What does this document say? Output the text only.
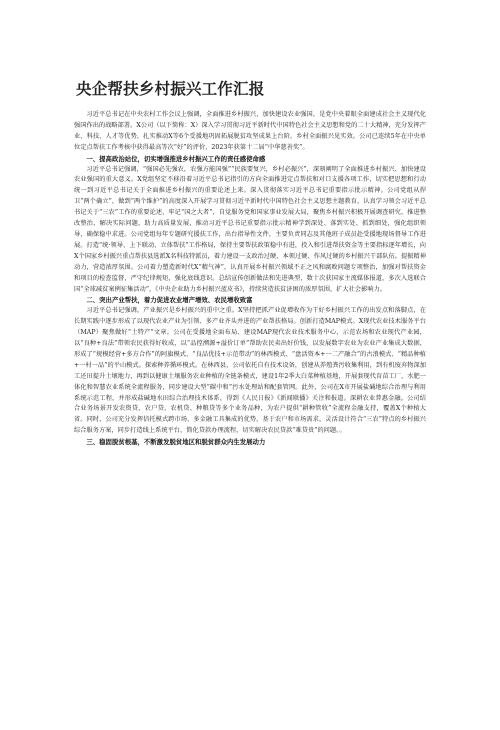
央企帮扶乡村振兴工作汇报

习近平总书记在中央农村工作会议上强调，全面推进乡村振兴，加快建设农业强国，是党中央着眼全面建成社会主义现代化强国作出的战略部署。X公司（以下简称：X）深入学习贯彻习近平新时代中国特色社会主义思想和党的二十大精神，充分发挥产业、科技、人才等优势，扎实推动X等6个受援地巩固拓展脱贫攻坚成果上台阶，乡村全面振兴见实效。公司已连续5年在中央单位定点帮扶工作考核中获得最高等次“好”的评价，2023年获第十二届“中华慈善奖”。

一、提高政治站位，切实增强推进乡村振兴工作的责任感使命感

习近平总书记强调，“强国必先强农，农强方能国强”“民族要复兴，乡村必振兴”，深刻阐明了全面推进乡村振兴、加快建设农业强国的重大意义。X党组坚定不移沿着习近平总书记指引的方向全面推进定点帮扶和对口支援各项工作，切实把思想和行动统一到习近平总书记关于全面推进乡村振兴的重要论述上来。深入贯彻落实习近平总书记重要指示批示精神。公司党组从捍卫“两个确立”，做到“两个维护”的高度深入开展学习贯彻习近平新时代中国特色社会主义思想主题教育，认真学习领会习近平总书记关于“三农”工作的重要论述，牢记“国之大者”，自觉服务党和国家事业发展大局，聚焦乡村振兴积极开展调查研究、推进整改整治、解决实际问题、助力高质量发展，推动习近平总书记重要指示批示精神学到深处、落到实处、抓到细处，强化组织领导，确保稳中求进。公司党组每年专题研究援扶工作，出台指导性文件，主要负责同志及其他班子成员赴受援地现场督导工作进展。打造“统·领导、上下联动、立体帮扶”工作格局，保持主要帮扶政策稳中有进，投入和引进帮扶资金等主要指标逐年增长，向X个国家乡村振兴重点帮扶县选派X名科技特派员，着力建设一支政治过硬、本领过硬、作风过硬的乡村振兴干部队伍。提振精神动力，营造浓厚氛围。公司着力塑造新时代X“精气神”，认真开展乡村振兴领域不正之风和腐败问题专项整治，加强对帮扶资金和项目的检查监督，严守纪律规矩，强化底线意识。总结宣传创新做法和先进典型，数十次获国家主流媒体报道，多次入选联合国“全球减贫案例征集活动”，《中央企业助力乡村振兴蓝皮书》，持续营造扶贫济困的浓厚氛围，扩大社会影响力。

二、突出产业帮扶，着力促进农业增产增效、农民增收致富

习近平总书记强调，产业振兴是乡村振兴的重中之重。X坚持把抓产业促增收作为干好乡村振兴工作的出发点和落脚点，在长期实践中逐步形成了以现代农业产业为引领、多产业齐头并进的产业帮扶格局。创新打造MAP模式。X现代农业技术服务平台（MAP）聚焦做好“土特产”文章。公司在受援地全面布局、建设MAP现代农业技术服务中心、示范农场和农业现代产业园，以“良种+良法”带领农民获得好收成，以“品控溯源+溢价订单”帮助农民卖出好价钱，以发展数字农业为农业产业集成大数据，形成了“规模经营+多方合作”的阿旗模式、“良品优技+示范带动”的林西模式、“盘活资本+一二产融合”的古浪模式、“精品种植+一村一品”的平山模式。探索种养循环模式。在林西县，公司依托自有技术设备，创建从养殖粪污收集利用，到有机废弃物深加工还田提升土壤地力，再到以健康土壤服务农业种植的全链条模式，建设1年2季大白菜种植基地，开展套现代育苗工厂、水肥一体化和智慧农业系统全流程服务，同步建设大型“碳中和”污水处理站和配套管网。此外，公司在X市开展盐碱地综合治理与利用系统示范工程，并形成盐碱地水田综合治理技术体系，得到《人民日报》《新闻联播》关注和报道。深耕农业普惠金融。公司结合业务场景开发农资贷、农户贷、农机贷、种粮贷等多个业务品种，为农户提供“耕种管收”全流程金融支持，覆盖X个种植大省。同时，公司充分发挥信托模式跨市场、多金融工具集成的优势，基于农户和市场需求，灵活设计符合“三农”特点的乡村振兴综合服务方案，同步打造线上系统平台，简化贷款办理流程，切实解决农民贷款“难贷贵”的问题。。

三、稳固脱贫根基，不断激发脱贫地区和脱贫群众内生发展动力
